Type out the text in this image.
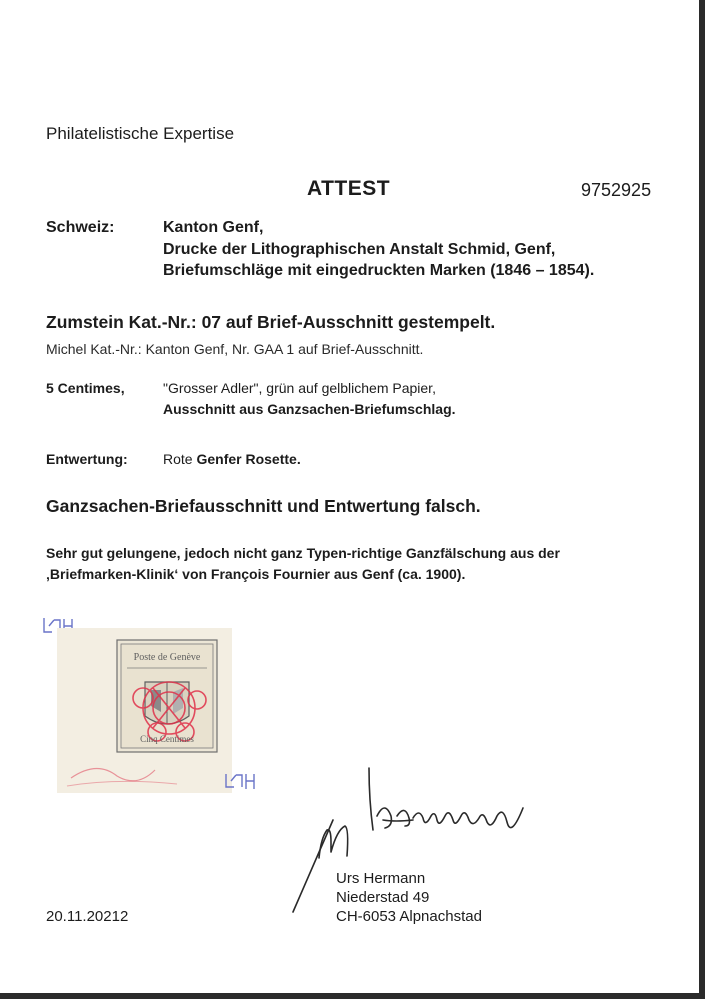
Philatelistische Expertise
ATTEST	9752925
Schweiz:	Kanton Genf,
Drucke der Lithographischen Anstalt Schmid, Genf,
Briefumschläge mit eingedruckten Marken (1846 – 1854).
Zumstein Kat.-Nr.: 07 auf Brief-Ausschnitt gestempelt.
Michel Kat.-Nr.: Kanton Genf, Nr. GAA 1 auf Brief-Ausschnitt.
5 Centimes,	"Grosser Adler", grün auf gelblichem Papier,
Ausschnitt aus Ganzsachen-Briefumschlag.
Entwertung:	Rote Genfer Rosette.
Ganzsachen-Briefausschnitt und Entwertung falsch.
Sehr gut gelungene, jedoch nicht ganz Typen-richtige Ganzfälschung aus der
‚Briefmarken-Klinik‘ von François Fournier aus Genf (ca. 1900).
Poste de Genève
Cinq Centimes
Urs Hermann
Niederstad 49
CH-6053 Alpnachstad
20.11.20212
